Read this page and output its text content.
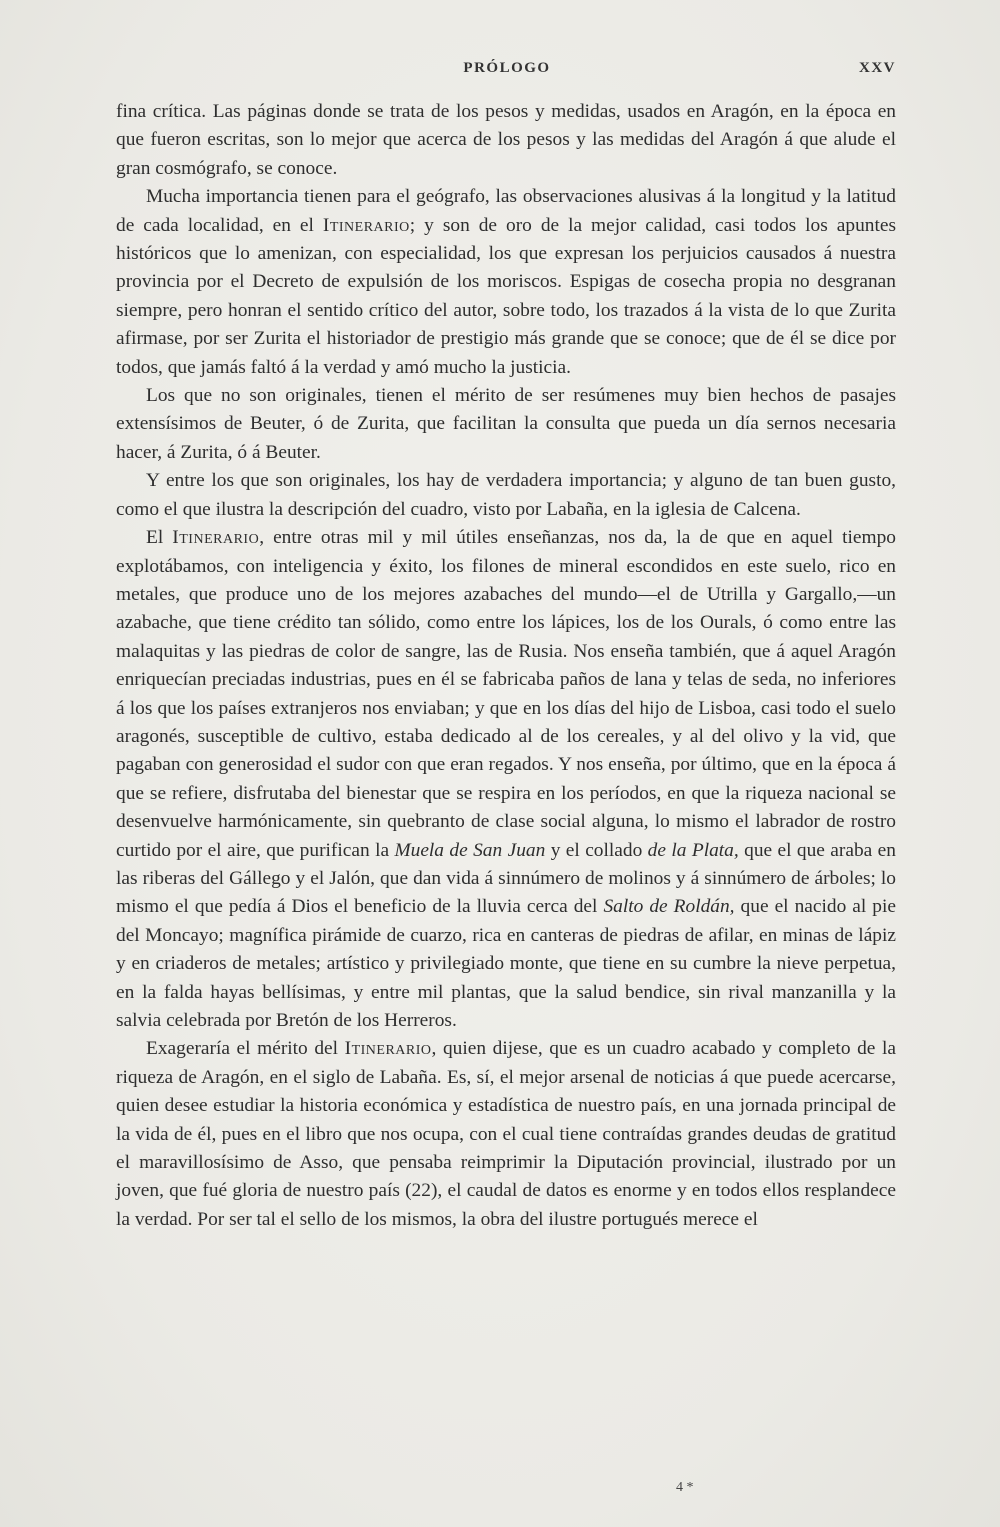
PRÓLOGO	XXV

fina crítica. Las páginas donde se trata de los pesos y medidas, usados en Aragón, en la época en que fueron escritas, son lo mejor que acerca de los pesos y las medidas del Aragón á que alude el gran cosmógrafo, se conoce.

Mucha importancia tienen para el geógrafo, las observaciones alusivas á la longitud y la latitud de cada localidad, en el Itinerario; y son de oro de la mejor calidad, casi todos los apuntes históricos que lo amenizan, con especialidad, los que expresan los perjuicios causados á nuestra provincia por el Decreto de expulsión de los moriscos. Espigas de cosecha propia no desgranan siempre, pero honran el sentido crítico del autor, sobre todo, los trazados á la vista de lo que Zurita afirmase, por ser Zurita el historiador de prestigio más grande que se conoce; que de él se dice por todos, que jamás faltó á la verdad y amó mucho la justicia.

Los que no son originales, tienen el mérito de ser resúmenes muy bien hechos de pasajes extensísimos de Beuter, ó de Zurita, que facilitan la consulta que pueda un día sernos necesaria hacer, á Zurita, ó á Beuter.

Y entre los que son originales, los hay de verdadera importancia; y alguno de tan buen gusto, como el que ilustra la descripción del cuadro, visto por Labaña, en la iglesia de Calcena.

El Itinerario, entre otras mil y mil útiles enseñanzas, nos da, la de que en aquel tiempo explotábamos, con inteligencia y éxito, los filones de mineral escondidos en este suelo, rico en metales, que produce uno de los mejores azabaches del mundo—el de Utrilla y Gargallo,—un azabache, que tiene crédito tan sólido, como entre los lápices, los de los Ourals, ó como entre las malaquitas y las piedras de color de sangre, las de Rusia. Nos enseña también, que á aquel Aragón enriquecían preciadas industrias, pues en él se fabricaba paños de lana y telas de seda, no inferiores á los que los países extranjeros nos enviaban; y que en los días del hijo de Lisboa, casi todo el suelo aragonés, susceptible de cultivo, estaba dedicado al de los cereales, y al del olivo y la vid, que pagaban con generosidad el sudor con que eran regados. Y nos enseña, por último, que en la época á que se refiere, disfrutaba del bienestar que se respira en los períodos, en que la riqueza nacional se desenvuelve harmónicamente, sin quebranto de clase social alguna, lo mismo el labrador de rostro curtido por el aire, que purifican la Muela de San Juan y el collado de la Plata, que el que araba en las riberas del Gállego y el Jalón, que dan vida á sinnúmero de molinos y á sinnúmero de árboles; lo mismo el que pedía á Dios el beneficio de la lluvia cerca del Salto de Roldán, que el nacido al pie del Moncayo; magnífica pirámide de cuarzo, rica en canteras de piedras de afilar, en minas de lápiz y en criaderos de metales; artístico y privilegiado monte, que tiene en su cumbre la nieve perpetua, en la falda hayas bellísimas, y entre mil plantas, que la salud bendice, sin rival manzanilla y la salvia celebrada por Bretón de los Herreros.

Exageraría el mérito del Itinerario, quien dijese, que es un cuadro acabado y completo de la riqueza de Aragón, en el siglo de Labaña. Es, sí, el mejor arsenal de noticias á que puede acercarse, quien desee estudiar la historia económica y estadística de nuestro país, en una jornada principal de la vida de él, pues en el libro que nos ocupa, con el cual tiene contraídas grandes deudas de gratitud el maravillosísimo de Asso, que pensaba reimprimir la Diputación provincial, ilustrado por un joven, que fué gloria de nuestro país (22), el caudal de datos es enorme y en todos ellos resplandece la verdad. Por ser tal el sello de los mismos, la obra del ilustre portugués merece el

4 *
